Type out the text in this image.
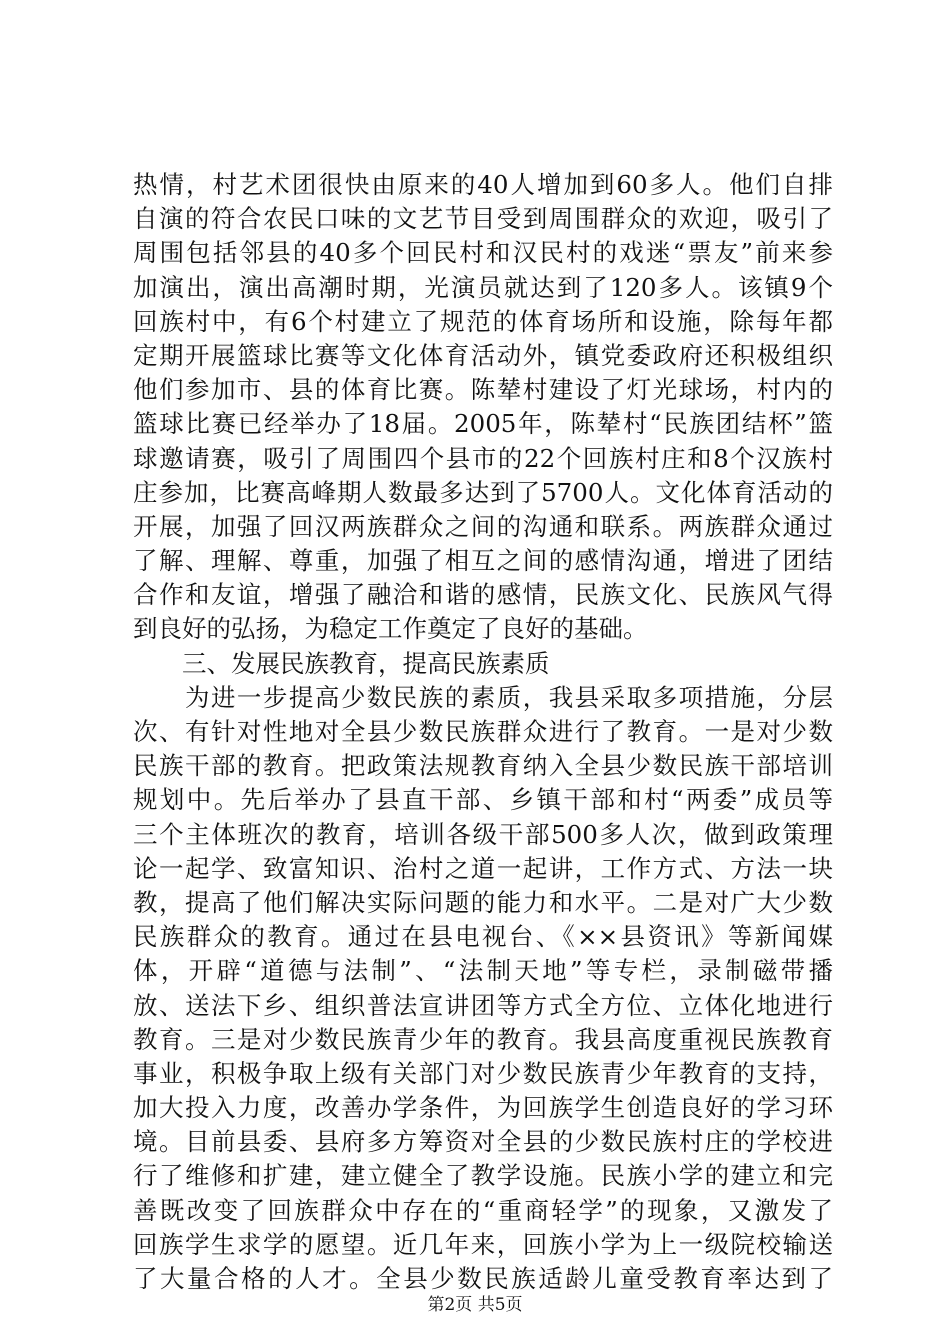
热情，村艺术团很快由原来的40人增加到60多人。他们自排
自演的符合农民口味的文艺节目受到周围群众的欢迎，吸引了
周围包括邻县的40多个回民村和汉民村的戏迷“票友”前来参
加演出，演出高潮时期，光演员就达到了120多人。该镇9个
回族村中，有6个村建立了规范的体育场所和设施，除每年都
定期开展篮球比赛等文化体育活动外，镇党委政府还积极组织
他们参加市、县的体育比赛。陈辇村建设了灯光球场，村内的
篮球比赛已经举办了18届。2005年，陈辇村“民族团结杯”篮
球邀请赛，吸引了周围四个县市的22个回族村庄和8个汉族村
庄参加，比赛高峰期人数最多达到了5700人。文化体育活动的
开展，加强了回汉两族群众之间的沟通和联系。两族群众通过
了解、理解、尊重，加强了相互之间的感情沟通，增进了团结
合作和友谊，增强了融洽和谐的感情，民族文化、民族风气得
到良好的弘扬，为稳定工作奠定了良好的基础。
三、发展民族教育，提高民族素质
　　为进一步提高少数民族的素质，我县采取多项措施，分层
次、有针对性地对全县少数民族群众进行了教育。一是对少数
民族干部的教育。把政策法规教育纳入全县少数民族干部培训
规划中。先后举办了县直干部、乡镇干部和村“两委”成员等
三个主体班次的教育，培训各级干部500多人次，做到政策理
论一起学、致富知识、治村之道一起讲，工作方式、方法一块
教，提高了他们解决实际问题的能力和水平。二是对广大少数
民族群众的教育。通过在县电视台、《××县资讯》等新闻媒
体，开辟“道德与法制”、“法制天地”等专栏，录制磁带播
放、送法下乡、组织普法宣讲团等方式全方位、立体化地进行
教育。三是对少数民族青少年的教育。我县高度重视民族教育
事业，积极争取上级有关部门对少数民族青少年教育的支持，
加大投入力度，改善办学条件，为回族学生创造良好的学习环
境。目前县委、县府多方筹资对全县的少数民族村庄的学校进
行了维修和扩建，建立健全了教学设施。民族小学的建立和完
善既改变了回族群众中存在的“重商轻学”的现象，又激发了
回族学生求学的愿望。近几年来，回族小学为上一级院校输送
了大量合格的人才。全县少数民族适龄儿童受教育率达到了
第2页 共5页
